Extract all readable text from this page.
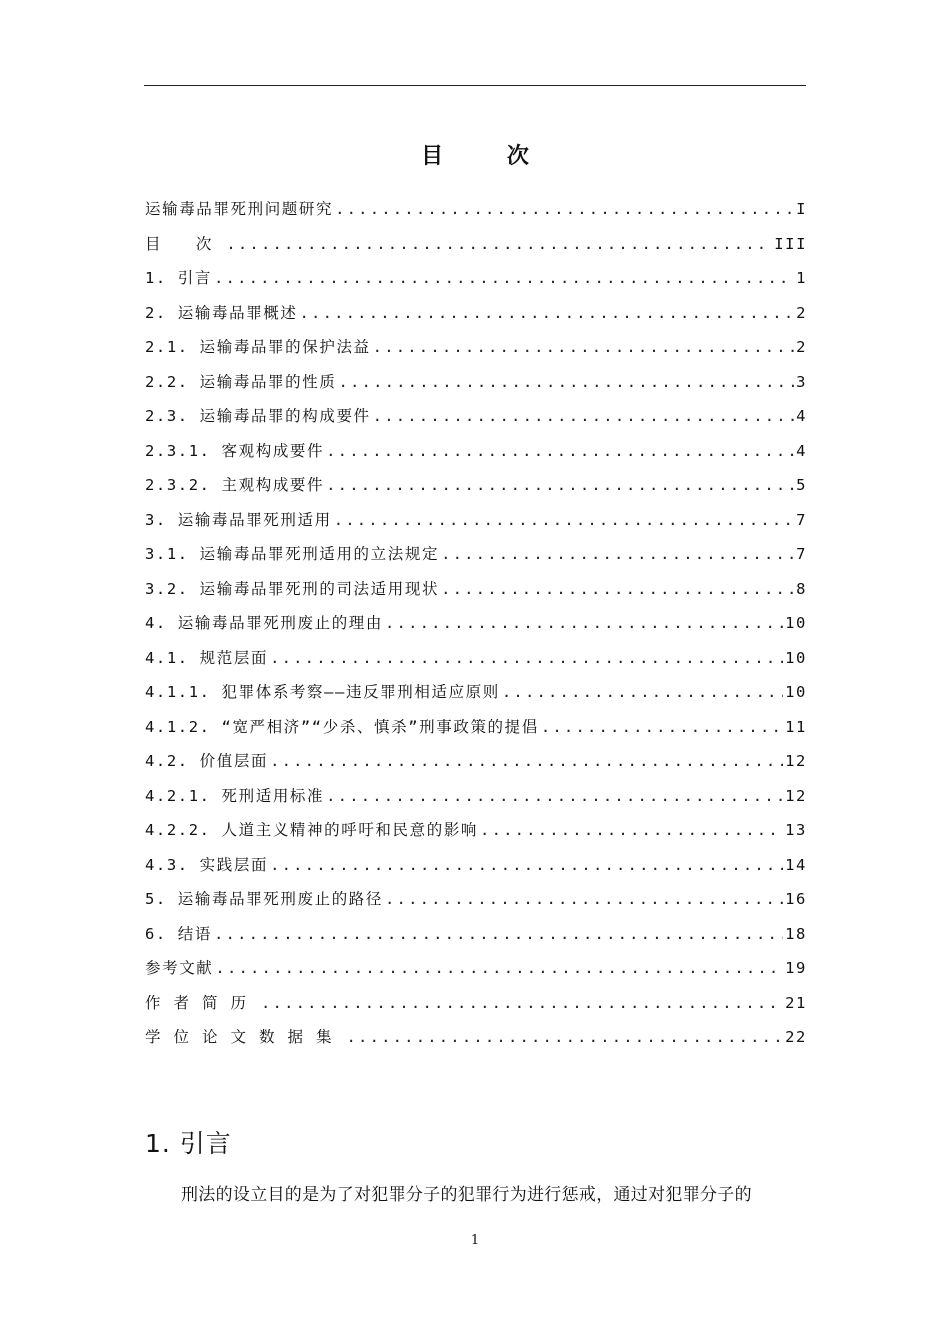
目 次
运输毒品罪死刑问题研究 .....	I
目 次 .....	III
1. 引言 .....	1
2. 运输毒品罪概述 .....	2
2.1. 运输毒品罪的保护法益 .....	2
2.2. 运输毒品罪的性质 .....	3
2.3. 运输毒品罪的构成要件 .....	4
2.3.1. 客观构成要件 .....	4
2.3.2. 主观构成要件 .....	5
3. 运输毒品罪死刑适用 .....	7
3.1. 运输毒品罪死刑适用的立法规定 .....	7
3.2. 运输毒品罪死刑的司法适用现状 .....	8
4. 运输毒品罪死刑废止的理由 .....	10
4.1. 规范层面 .....	10
4.1.1. 犯罪体系考察——违反罪刑相适应原则 .....	10
4.1.2. “宽严相济”“少杀、慎杀”刑事政策的提倡 .....	11
4.2. 价值层面 .....	12
4.2.1. 死刑适用标准 .....	12
4.2.2. 人道主义精神的呼吁和民意的影响 .....	13
4.3. 实践层面 .....	14
5. 运输毒品罪死刑废止的路径 .....	16
6. 结语 .....	18
参考文献 .....	19
作者简历 .....	21
学位论文数据集 .....	22
1. 引言

刑法的设立目的是为了对犯罪分子的犯罪行为进行惩戒，通过对犯罪分子的

1
